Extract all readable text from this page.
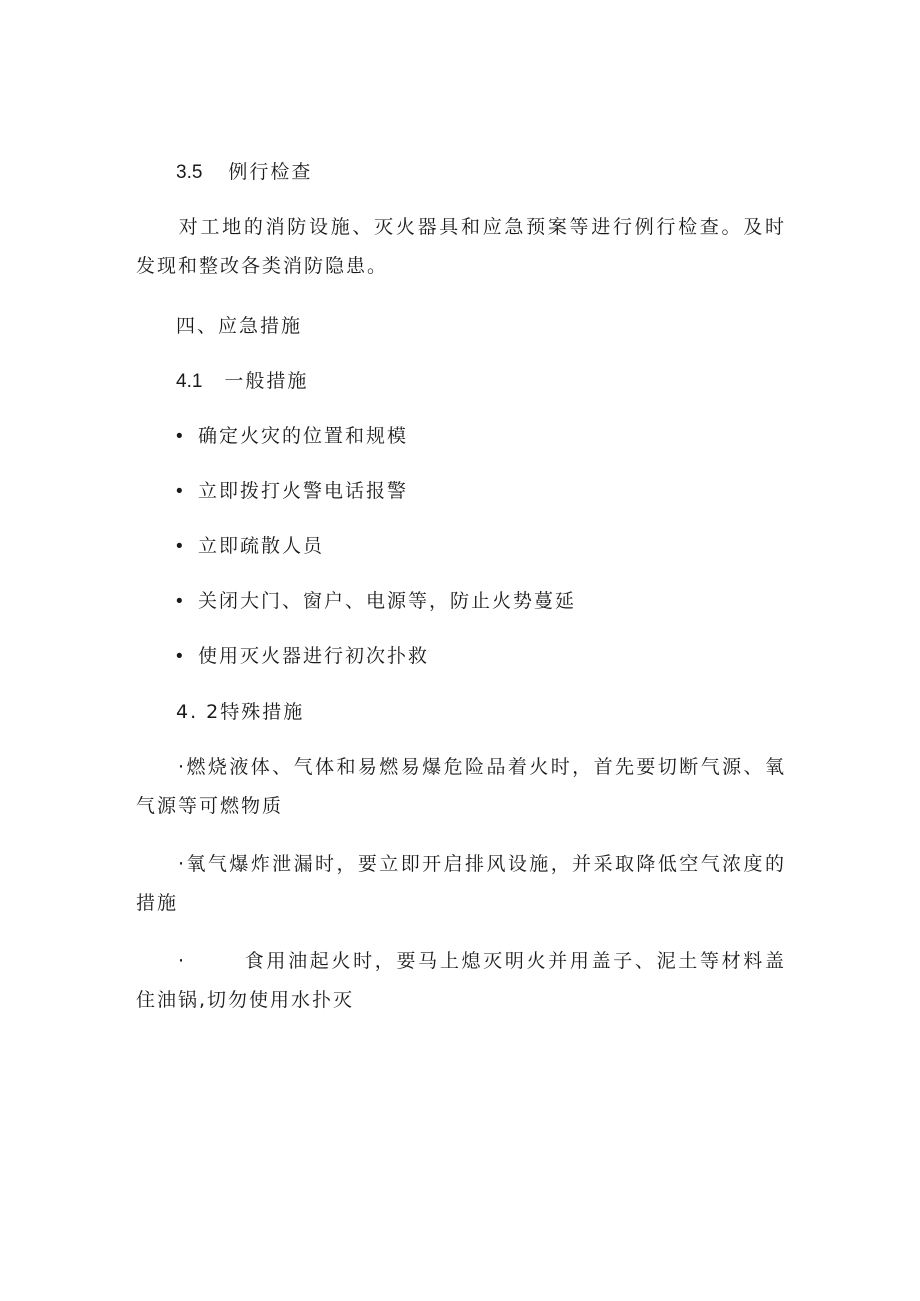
3.5 例行检查
对工地的消防设施、灭火器具和应急预案等进行例行检查。及时发现和整改各类消防隐患。
四、应急措施
4.1 一般措施
• 确定火灾的位置和规模
• 立即拨打火警电话报警
• 立即疏散人员
• 关闭大门、窗户、电源等，防止火势蔓延
• 使用灭火器进行初次扑救
4. 2特殊措施
·燃烧液体、气体和易燃易爆危险品着火时，首先要切断气源、氧气源等可燃物质
·氧气爆炸泄漏时，要立即开启排风设施，并采取降低空气浓度的措施
·	食用油起火时，要马上熄灭明火并用盖子、泥土等材料盖住油锅,切勿使用水扑灭
